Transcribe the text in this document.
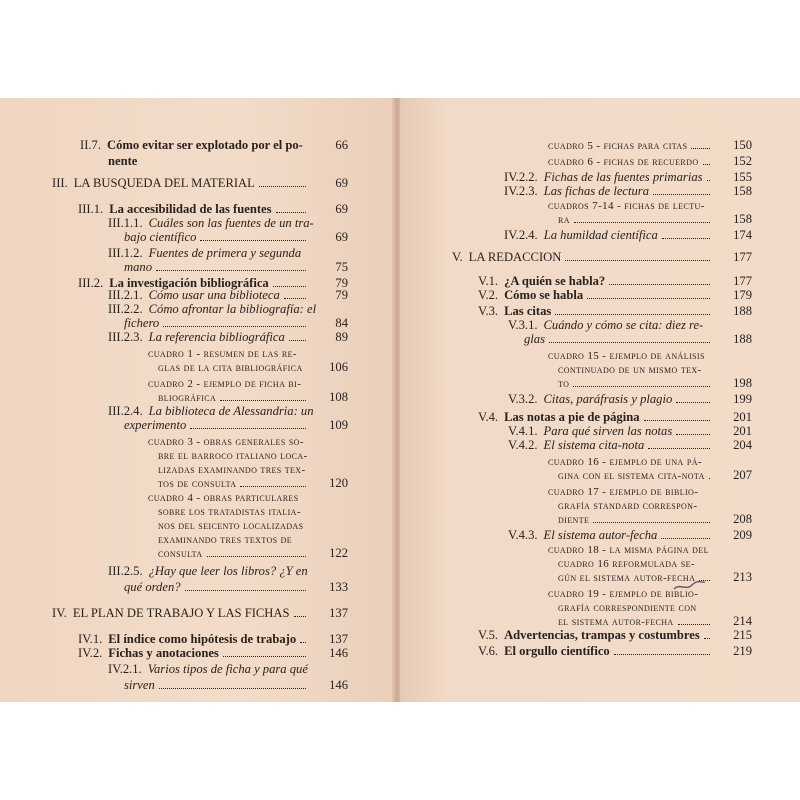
II.7. Cómo evitar ser explotado por el po-	66
nente
III. LA BUSQUEDA DEL MATERIAL	69
III.1. La accesibilidad de las fuentes	69
III.1.1. Cuáles son las fuentes de un tra-
bajo científico	69
III.1.2. Fuentes de primera y segunda
mano	75
III.2. La investigación bibliográfica	79
III.2.1. Cómo usar una biblioteca	79
III.2.2. Cómo afrontar la bibliografía: el
fichero	84
III.2.3. La referencia bibliográfica	89
cuadro 1 - resumen de las re-
glas de la cita bibliográfica	106
cuadro 2 - ejemplo de ficha bi-
bliográfica	108
III.2.4. La biblioteca de Alessandria: un
experimento	109
cuadro 3 - obras generales so-
bre el barroco italiano loca-
lizadas examinando tres tex-
tos de consulta	120
cuadro 4 - obras particulares
sobre los tratadistas italia-
nos del seicento localizadas
examinando tres textos de
consulta	122
III.2.5. ¿Hay que leer los libros? ¿Y en
qué orden?	133
IV. EL PLAN DE TRABAJO Y LAS FICHAS	137
IV.1. El índice como hipótesis de trabajo	137
IV.2. Fichas y anotaciones	146
IV.2.1. Varios tipos de ficha y para qué
sirven	146
cuadro 5 - fichas para citas	150
cuadro 6 - fichas de recuerdo	152
IV.2.2. Fichas de las fuentes primarias	155
IV.2.3. Las fichas de lectura	158
cuadros 7-14 - fichas de lectu-
ra	158
IV.2.4. La humildad científica	174
V. LA REDACCION	177
V.1. ¿A quién se habla?	177
V.2. Cómo se habla	179
V.3. Las citas	188
V.3.1. Cuándo y cómo se cita: diez re-
glas	188
cuadro 15 - ejemplo de análisis
continuado de un mismo tex-
to	198
V.3.2. Citas, paráfrasis y plagio	199
V.4. Las notas a pie de página	201
V.4.1. Para qué sirven las notas	201
V.4.2. El sistema cita-nota	204
cuadro 16 - ejemplo de una pá-
gina con el sistema cita-nota	207
cuadro 17 - ejemplo de biblio-
grafía standard correspon-
diente	208
V.4.3. El sistema autor-fecha	209
cuadro 18 - la misma página del
cuadro 16 reformulada se-
gún el sistema autor-fecha	213
cuadro 19 - ejemplo de biblio-
grafía correspondiente con
el sistema autor-fecha	214
V.5. Advertencias, trampas y costumbres	215
V.6. El orgullo científico	219
